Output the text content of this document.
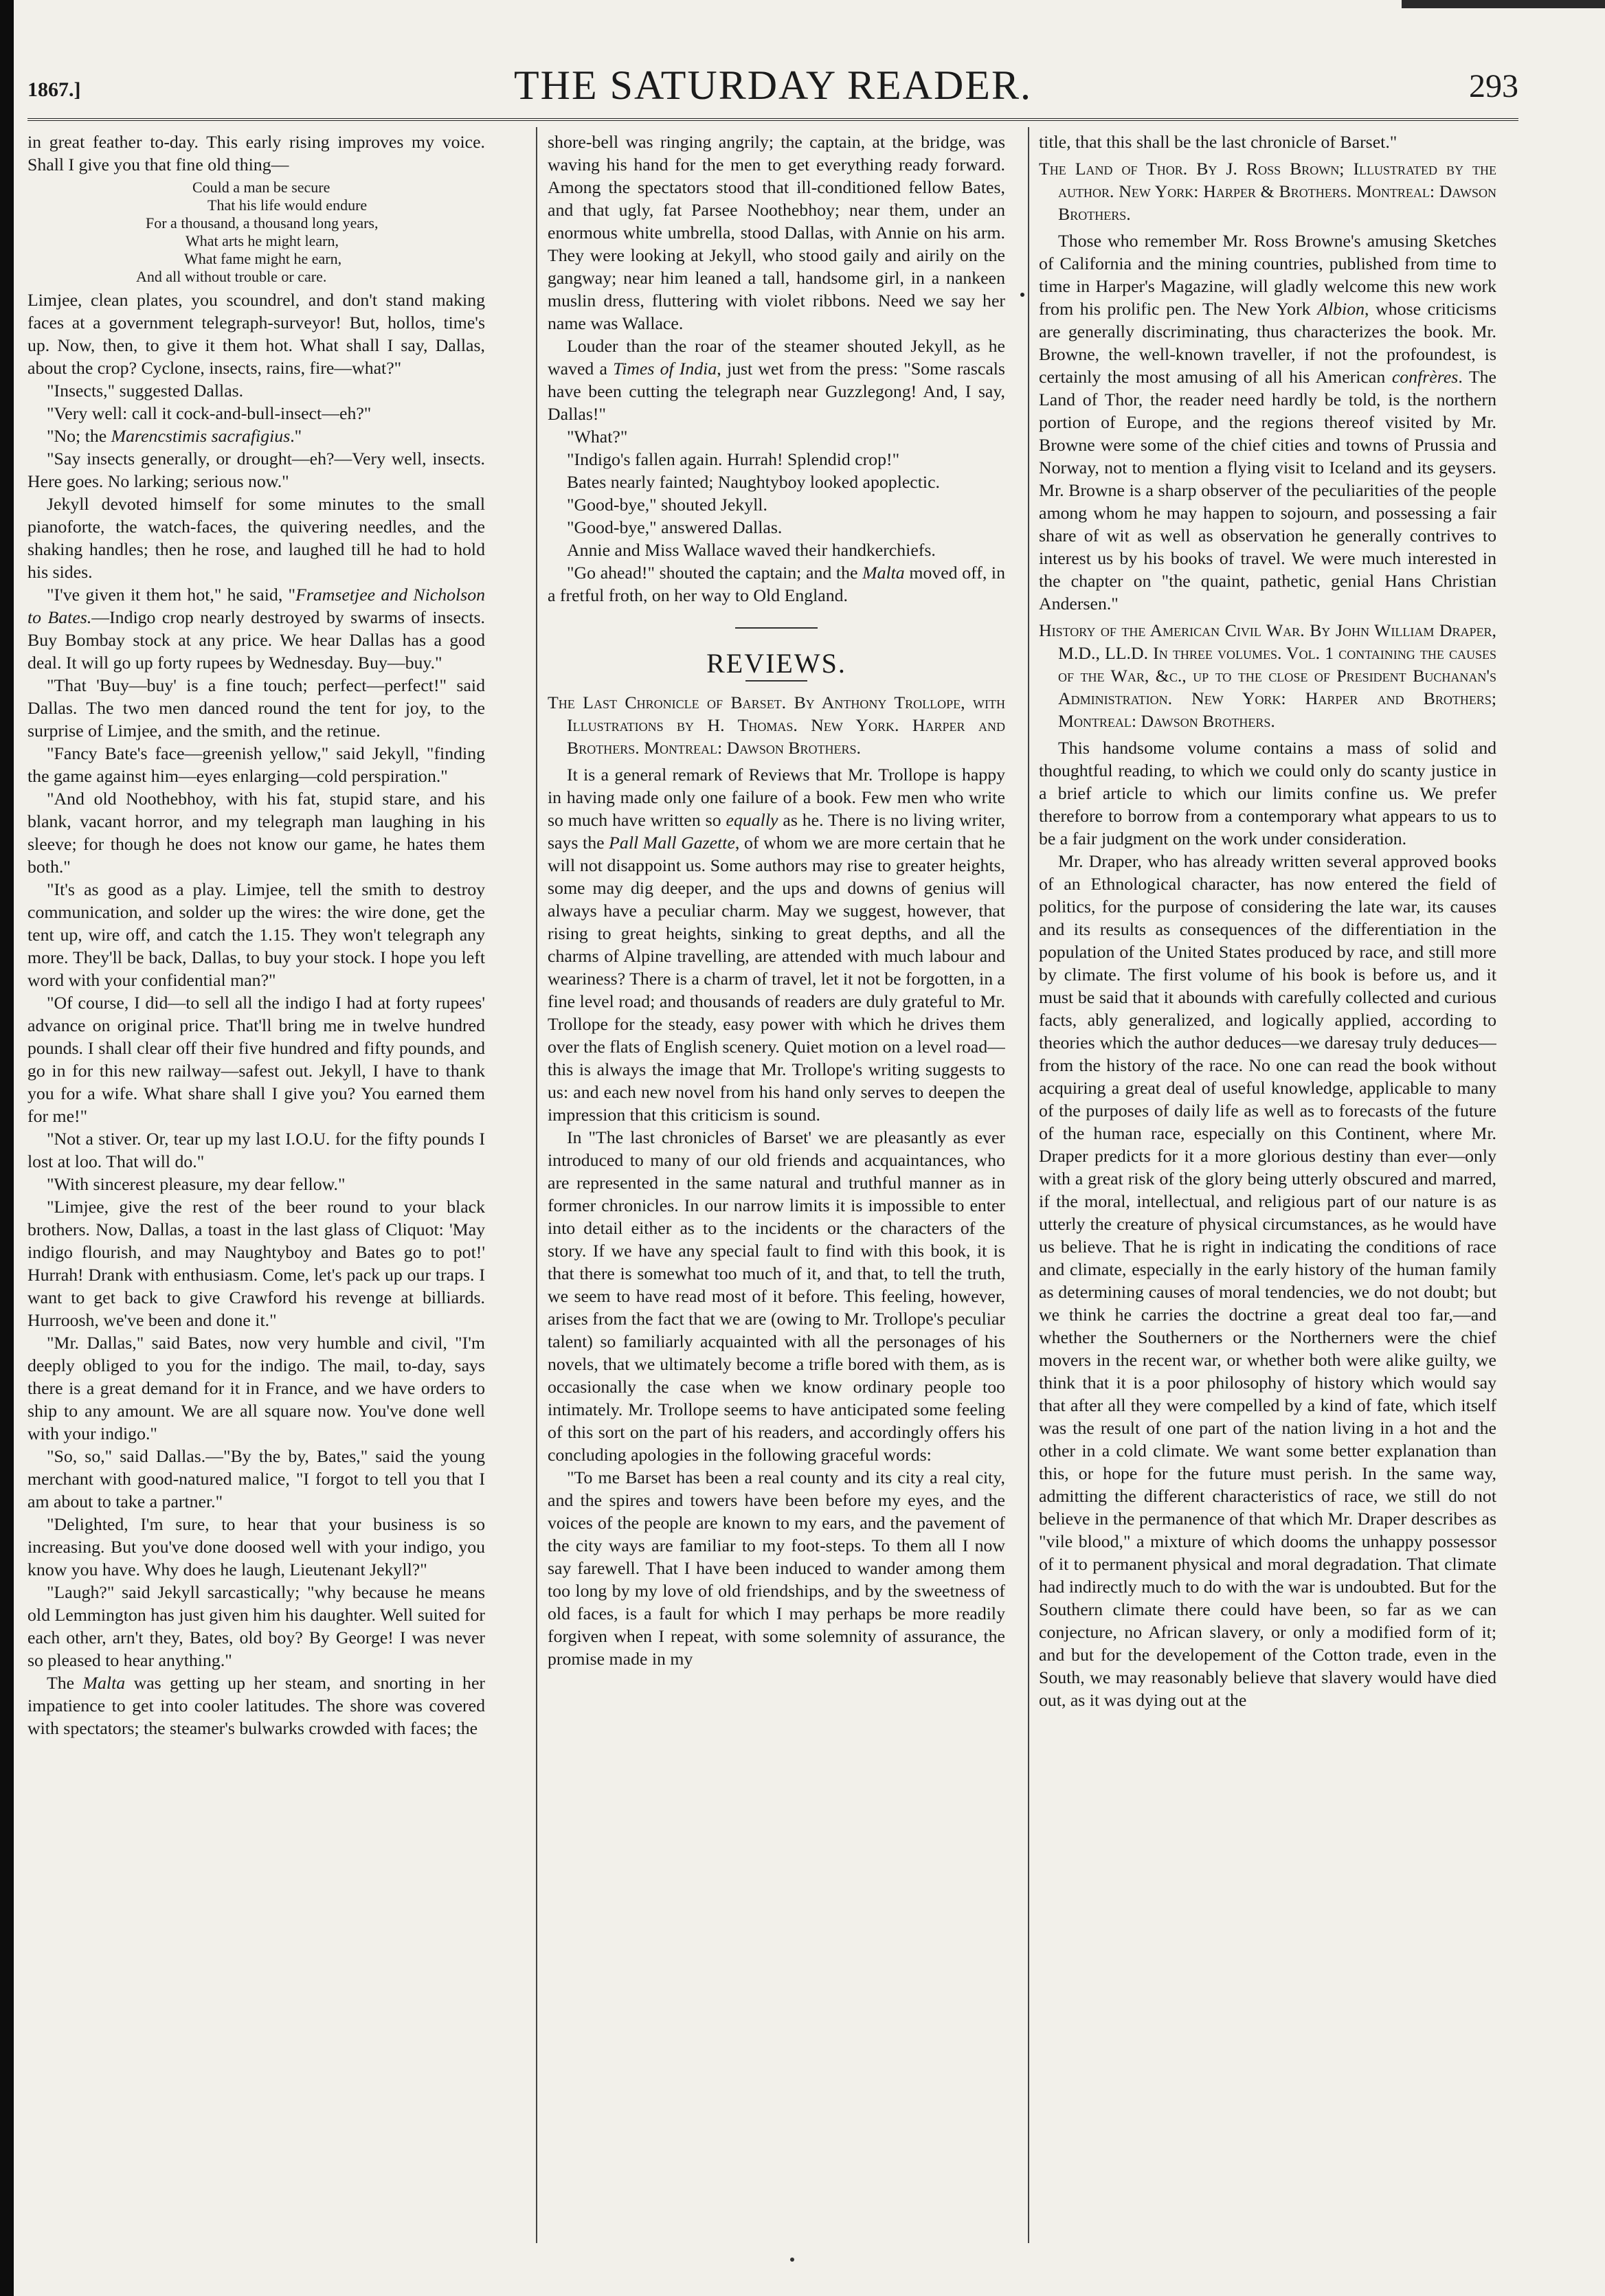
1867.]	THE SATURDAY READER.	293

in great feather to-day. This early rising improves my voice. Shall I give you that fine old thing—

Could a man be secure
That his life would endure
For a thousand, a thousand long years,
What arts he might learn,
What fame might he earn,
And all without trouble or care.

Limjee, clean plates, you scoundrel, and don't stand making faces at a government telegraph-surveyor! But, hollos, time's up. Now, then, to give it them hot. What shall I say, Dallas, about the crop? Cyclone, insects, rains, fire—what?"

"Insects," suggested Dallas.

"Very well: call it cock-and-bull-insect—eh?"

"No; the Marencstimis sacrafigius."

"Say insects generally, or drought—eh?—Very well, insects. Here goes. No larking; serious now."

Jekyll devoted himself for some minutes to the small pianoforte, the watch-faces, the quivering needles, and the shaking handles; then he rose, and laughed till he had to hold his sides.

"I've given it them hot," he said, "Framsetjee and Nicholson to Bates.—Indigo crop nearly destroyed by swarms of insects. Buy Bombay stock at any price. We hear Dallas has a good deal. It will go up forty rupees by Wednesday. Buy—buy."

"That 'Buy—buy' is a fine touch; perfect—perfect!" said Dallas. The two men danced round the tent for joy, to the surprise of Limjee, and the smith, and the retinue.

"Fancy Bate's face—greenish yellow," said Jekyll, "finding the game against him—eyes enlarging—cold perspiration."

"And old Noothebhoy, with his fat, stupid stare, and his blank, vacant horror, and my telegraph man laughing in his sleeve; for though he does not know our game, he hates them both."

"It's as good as a play. Limjee, tell the smith to destroy communication, and solder up the wires: the wire done, get the tent up, wire off, and catch the 1.15. They won't telegraph any more. They'll be back, Dallas, to buy your stock. I hope you left word with your confidential man?"

"Of course, I did—to sell all the indigo I had at forty rupees' advance on original price. That'll bring me in twelve hundred pounds. I shall clear off their five hundred and fifty pounds, and go in for this new railway—safest out. Jekyll, I have to thank you for a wife. What share shall I give you? You earned them for me!"

"Not a stiver. Or, tear up my last I.O.U. for the fifty pounds I lost at loo. That will do."

"With sincerest pleasure, my dear fellow."

"Limjee, give the rest of the beer round to your black brothers. Now, Dallas, a toast in the last glass of Cliquot: 'May indigo flourish, and may Naughtyboy and Bates go to pot!' Hurrah! Drank with enthusiasm. Come, let's pack up our traps. I want to get back to give Crawford his revenge at billiards. Hurroosh, we've been and done it."

"Mr. Dallas," said Bates, now very humble and civil, "I'm deeply obliged to you for the indigo. The mail, to-day, says there is a great demand for it in France, and we have orders to ship to any amount. We are all square now. You've done well with your indigo."

"So, so," said Dallas.—"By the by, Bates," said the young merchant with good-natured malice, "I forgot to tell you that I am about to take a partner."

"Delighted, I'm sure, to hear that your business is so increasing. But you've done doosed well with your indigo, you know you have. Why does he laugh, Lieutenant Jekyll?"

"Laugh?" said Jekyll sarcastically; "why because he means old Lemmington has just given him his daughter. Well suited for each other, arn't they, Bates, old boy? By George! I was never so pleased to hear anything."

The Malta was getting up her steam, and snorting in her impatience to get into cooler latitudes. The shore was covered with spectators; the steamer's bulwarks crowded with faces; the

shore-bell was ringing angrily; the captain, at the bridge, was waving his hand for the men to get everything ready forward. Among the spectators stood that ill-conditioned fellow Bates, and that ugly, fat Parsee Noothebhoy; near them, under an enormous white umbrella, stood Dallas, with Annie on his arm. They were looking at Jekyll, who stood gaily and airily on the gangway; near him leaned a tall, handsome girl, in a nankeen muslin dress, fluttering with violet ribbons. Need we say her name was Wallace.

Louder than the roar of the steamer shouted Jekyll, as he waved a Times of India, just wet from the press: "Some rascals have been cutting the telegraph near Guzzlegong! And, I say, Dallas!"

"What?"

"Indigo's fallen again. Hurrah! Splendid crop!"

Bates nearly fainted; Naughtyboy looked apoplectic.

"Good-bye," shouted Jekyll.

"Good-bye," answered Dallas.

Annie and Miss Wallace waved their handkerchiefs.

"Go ahead!" shouted the captain; and the Malta moved off, in a fretful froth, on her way to Old England.

REVIEWS.

The Last Chronicle of Barset. By Anthony Trollope, with Illustrations by H. Thomas. New York. Harper and Brothers. Montreal: Dawson Brothers.

It is a general remark of Reviews that Mr. Trollope is happy in having made only one failure of a book. Few men who write so much have written so equally as he. There is no living writer, says the Pall Mall Gazette, of whom we are more certain that he will not disappoint us. Some authors may rise to greater heights, some may dig deeper, and the ups and downs of genius will always have a peculiar charm. May we suggest, however, that rising to great heights, sinking to great depths, and all the charms of Alpine travelling, are attended with much labour and weariness? There is a charm of travel, let it not be forgotten, in a fine level road; and thousands of readers are duly grateful to Mr. Trollope for the steady, easy power with which he drives them over the flats of English scenery. Quiet motion on a level road—this is always the image that Mr. Trollope's writing suggests to us: and each new novel from his hand only serves to deepen the impression that this criticism is sound.

In "The last chronicles of Barset' we are pleasantly as ever introduced to many of our old friends and acquaintances, who are represented in the same natural and truthful manner as in former chronicles. In our narrow limits it is impossible to enter into detail either as to the incidents or the characters of the story. If we have any special fault to find with this book, it is that there is somewhat too much of it, and that, to tell the truth, we seem to have read most of it before. This feeling, however, arises from the fact that we are (owing to Mr. Trollope's peculiar talent) so familiarly acquainted with all the personages of his novels, that we ultimately become a trifle bored with them, as is occasionally the case when we know ordinary people too intimately. Mr. Trollope seems to have anticipated some feeling of this sort on the part of his readers, and accordingly offers his concluding apologies in the following graceful words:

"To me Barset has been a real county and its city a real city, and the spires and towers have been before my eyes, and the voices of the people are known to my ears, and the pavement of the city ways are familiar to my foot-steps. To them all I now say farewell. That I have been induced to wander among them too long by my love of old friendships, and by the sweetness of old faces, is a fault for which I may perhaps be more readily forgiven when I repeat, with some solemnity of assurance, the promise made in my

title, that this shall be the last chronicle of Barset."

The Land of Thor. By J. Ross Brown; Illustrated by the author. New York: Harper & Brothers. Montreal: Dawson Brothers.

Those who remember Mr. Ross Browne's amusing Sketches of California and the mining countries, published from time to time in Harper's Magazine, will gladly welcome this new work from his prolific pen. The New York Albion, whose criticisms are generally discriminating, thus characterizes the book. Mr. Browne, the well-known traveller, if not the profoundest, is certainly the most amusing of all his American confrères. The Land of Thor, the reader need hardly be told, is the northern portion of Europe, and the regions thereof visited by Mr. Browne were some of the chief cities and towns of Prussia and Norway, not to mention a flying visit to Iceland and its geysers. Mr. Browne is a sharp observer of the peculiarities of the people among whom he may happen to sojourn, and possessing a fair share of wit as well as observation he generally contrives to interest us by his books of travel. We were much interested in the chapter on "the quaint, pathetic, genial Hans Christian Andersen."

History of the American Civil War. By John William Draper, M.D., LL.D. In three volumes. Vol. 1 containing the causes of the War, &c., up to the close of President Buchanan's Administration. New York: Harper and Brothers; Montreal: Dawson Brothers.

This handsome volume contains a mass of solid and thoughtful reading, to which we could only do scanty justice in a brief article to which our limits confine us. We prefer therefore to borrow from a contemporary what appears to us to be a fair judgment on the work under consideration.

Mr. Draper, who has already written several approved books of an Ethnological character, has now entered the field of politics, for the purpose of considering the late war, its causes and its results as consequences of the differentiation in the population of the United States produced by race, and still more by climate. The first volume of his book is before us, and it must be said that it abounds with carefully collected and curious facts, ably generalized, and logically applied, according to theories which the author deduces—we daresay truly deduces—from the history of the race. No one can read the book without acquiring a great deal of useful knowledge, applicable to many of the purposes of daily life as well as to forecasts of the future of the human race, especially on this Continent, where Mr. Draper predicts for it a more glorious destiny than ever—only with a great risk of the glory being utterly obscured and marred, if the moral, intellectual, and religious part of our nature is as utterly the creature of physical circumstances, as he would have us believe. That he is right in indicating the conditions of race and climate, especially in the early history of the human family as determining causes of moral tendencies, we do not doubt; but we think he carries the doctrine a great deal too far,—and whether the Southerners or the Northerners were the chief movers in the recent war, or whether both were alike guilty, we think that it is a poor philosophy of history which would say that after all they were compelled by a kind of fate, which itself was the result of one part of the nation living in a hot and the other in a cold climate. We want some better explanation than this, or hope for the future must perish. In the same way, admitting the different characteristics of race, we still do not believe in the permanence of that which Mr. Draper describes as "vile blood," a mixture of which dooms the unhappy possessor of it to permanent physical and moral degradation. That climate had indirectly much to do with the war is undoubted. But for the Southern climate there could have been, so far as we can conjecture, no African slavery, or only a modified form of it; and but for the developement of the Cotton trade, even in the South, we may reasonably believe that slavery would have died out, as it was dying out at the
